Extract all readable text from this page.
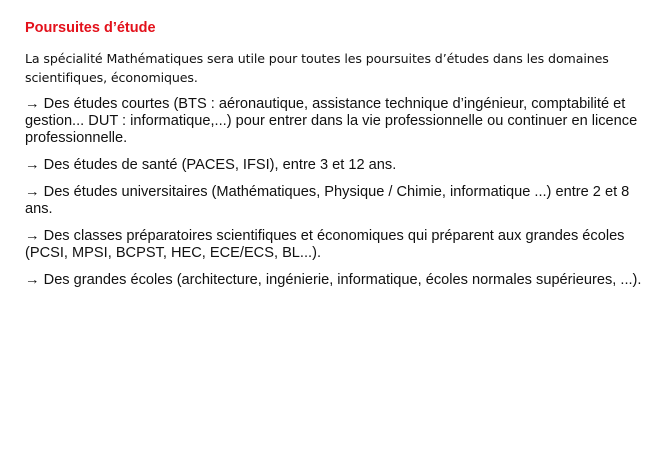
Poursuites d’étude

La spécialité Mathématiques sera utile pour toutes les poursuites d’études dans les domaines scientifiques, économiques.

→ Des études courtes (BTS : aéronautique, assistance technique d’ingénieur, comptabilité et gestion... DUT : informatique,...) pour entrer dans la vie professionnelle ou continuer en licence professionnelle.

→ Des études de santé (PACES, IFSI), entre 3 et 12 ans.

→ Des études universitaires (Mathématiques, Physique / Chimie, informatique ...) entre 2 et 8 ans.

→ Des classes préparatoires scientifiques et économiques qui préparent aux grandes écoles (PCSI, MPSI, BCPST, HEC, ECE/ECS, BL...).

→ Des grandes écoles (architecture, ingénierie, informatique, écoles normales supérieures, ...).
